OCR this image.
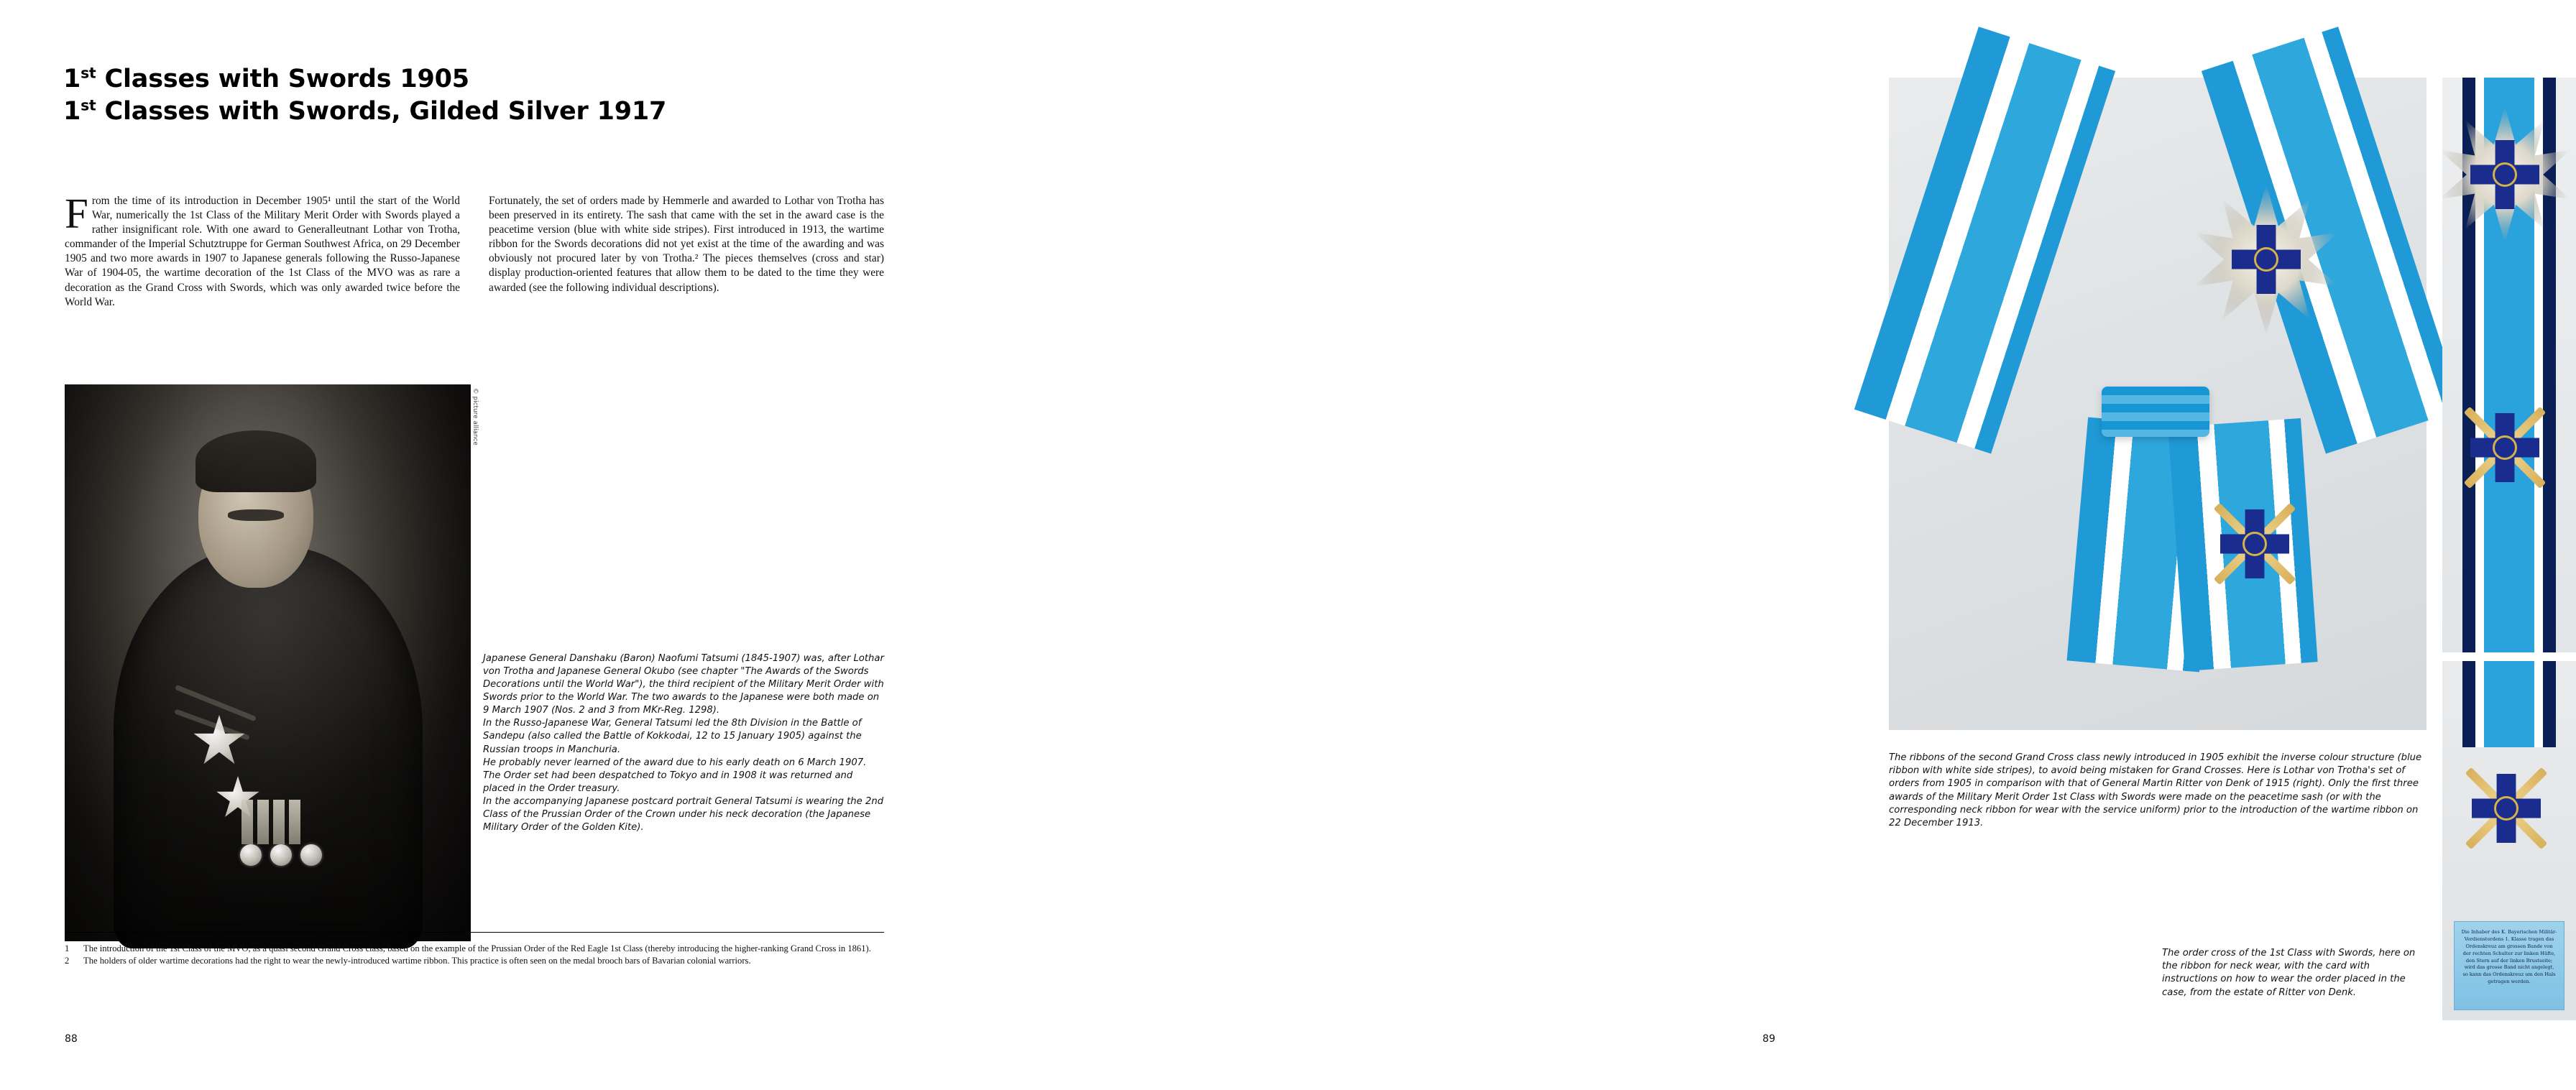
1st Classes with Swords 1905
1st Classes with Swords, Gilded Silver 1917

From the time of its introduction in December 1905¹ until the start of the World War, numerically the 1st Class of the Military Merit Order with Swords played a rather insignificant role. With one award to Generalleutnant Lothar von Trotha, commander of the Imperial Schutztruppe for German Southwest Africa, on 29 December 1905 and two more awards in 1907 to Japanese generals following the Russo-Japanese War of 1904-05, the wartime decoration of the 1st Class of the MVO was as rare a decoration as the Grand Cross with Swords, which was only awarded twice before the World War.

Fortunately, the set of orders made by Hemmerle and awarded to Lothar von Trotha has been preserved in its entirety. The sash that came with the set in the award case is the peacetime version (blue with white side stripes). First introduced in 1913, the wartime ribbon for the Swords decorations did not yet exist at the time of the awarding and was obviously not procured later by von Trotha.² The pieces themselves (cross and star) display production-oriented features that allow them to be dated to the time they were awarded (see the following individual descriptions).

© picture alliance

Japanese General Danshaku (Baron) Naofumi Tatsumi (1845-1907) was, after Lothar von Trotha and Japanese General Okubo (see chapter "The Awards of the Swords Decorations until the World War"), the third recipient of the Military Merit Order with Swords prior to the World War. The two awards to the Japanese were both made on 9 March 1907 (Nos. 2 and 3 from MKr-Reg. 1298).

In the Russo-Japanese War, General Tatsumi led the 8th Division in the Battle of Sandepu (also called the Battle of Kokkodai, 12 to 15 January 1905) against the Russian troops in Manchuria.

He probably never learned of the award due to his early death on 6 March 1907. The Order set had been despatched to Tokyo and in 1908 it was returned and placed in the Order treasury.

In the accompanying Japanese postcard portrait General Tatsumi is wearing the 2nd Class of the Prussian Order of the Crown under his neck decoration (the Japanese Military Order of the Golden Kite).

1	The introduction of the 1st Class of the MVO, as a quasi second Grand Cross class, based on the example of the Prussian Order of the Red Eagle 1st Class (thereby introducing the higher-ranking Grand Cross in 1861).
2	The holders of older wartime decorations had the right to wear the newly-introduced wartime ribbon. This practice is often seen on the medal brooch bars of Bavarian colonial warriors.
88
Die Inhaber des K. Bayerischen Militär-Verdienstordens 1. Klasse tragen das Ordenskreuz am grossen Bande von der rechten Schulter zur linken Hüfte, den Stern auf der linken Brustseite; wird das grosse Band nicht angelegt, so kann das Ordenskreuz um den Hals getragen werden.
The ribbons of the second Grand Cross class newly introduced in 1905 exhibit the inverse colour structure (blue ribbon with white side stripes), to avoid being mistaken for Grand Crosses. Here is Lothar von Trotha's set of orders from 1905 in comparison with that of General Martin Ritter von Denk of 1915 (right). Only the first three awards of the Military Merit Order 1st Class with Swords were made on the peacetime sash (or with the corresponding neck ribbon for wear with the service uniform) prior to the introduction of the wartime ribbon on 22 December 1913.
The order cross of the 1st Class with Swords, here on the ribbon for neck wear, with the card with instructions on how to wear the order placed in the case, from the estate of Ritter von Denk.
89
